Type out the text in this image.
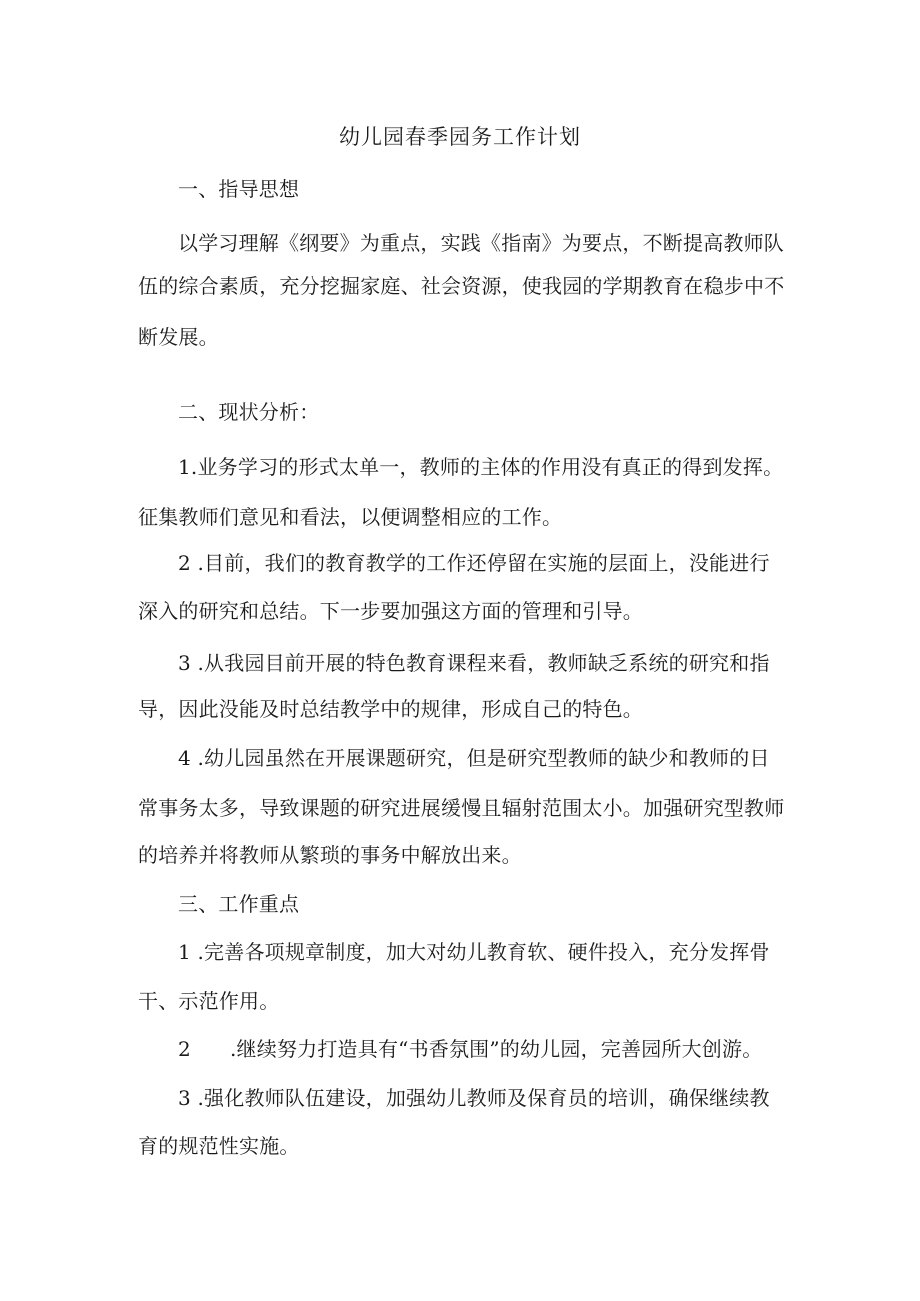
幼儿园春季园务工作计划
一、指导思想
以学习理解《纲要》为重点，实践《指南》为要点，不断提高教师队
伍的综合素质，充分挖掘家庭、社会资源，使我园的学期教育在稳步中不
断发展。
二、现状分析：
1.业务学习的形式太单一，教师的主体的作用没有真正的得到发挥。
征集教师们意见和看法，以便调整相应的工作。
2 .目前，我们的教育教学的工作还停留在实施的层面上，没能进行
深入的研究和总结。下一步要加强这方面的管理和引导。
3 .从我园目前开展的特色教育课程来看，教师缺乏系统的研究和指
导，因此没能及时总结教学中的规律，形成自己的特色。
4 .幼儿园虽然在开展课题研究，但是研究型教师的缺少和教师的日
常事务太多，导致课题的研究进展缓慢且辐射范围太小。加强研究型教师
的培养并将教师从繁琐的事务中解放出来。
三、工作重点
1 .完善各项规章制度，加大对幼儿教育软、硬件投入，充分发挥骨
干、示范作用。
2 .继续努力打造具有“书香氛围”的幼儿园，完善园所大创游。
3 .强化教师队伍建设，加强幼儿教师及保育员的培训，确保继续教
育的规范性实施。
